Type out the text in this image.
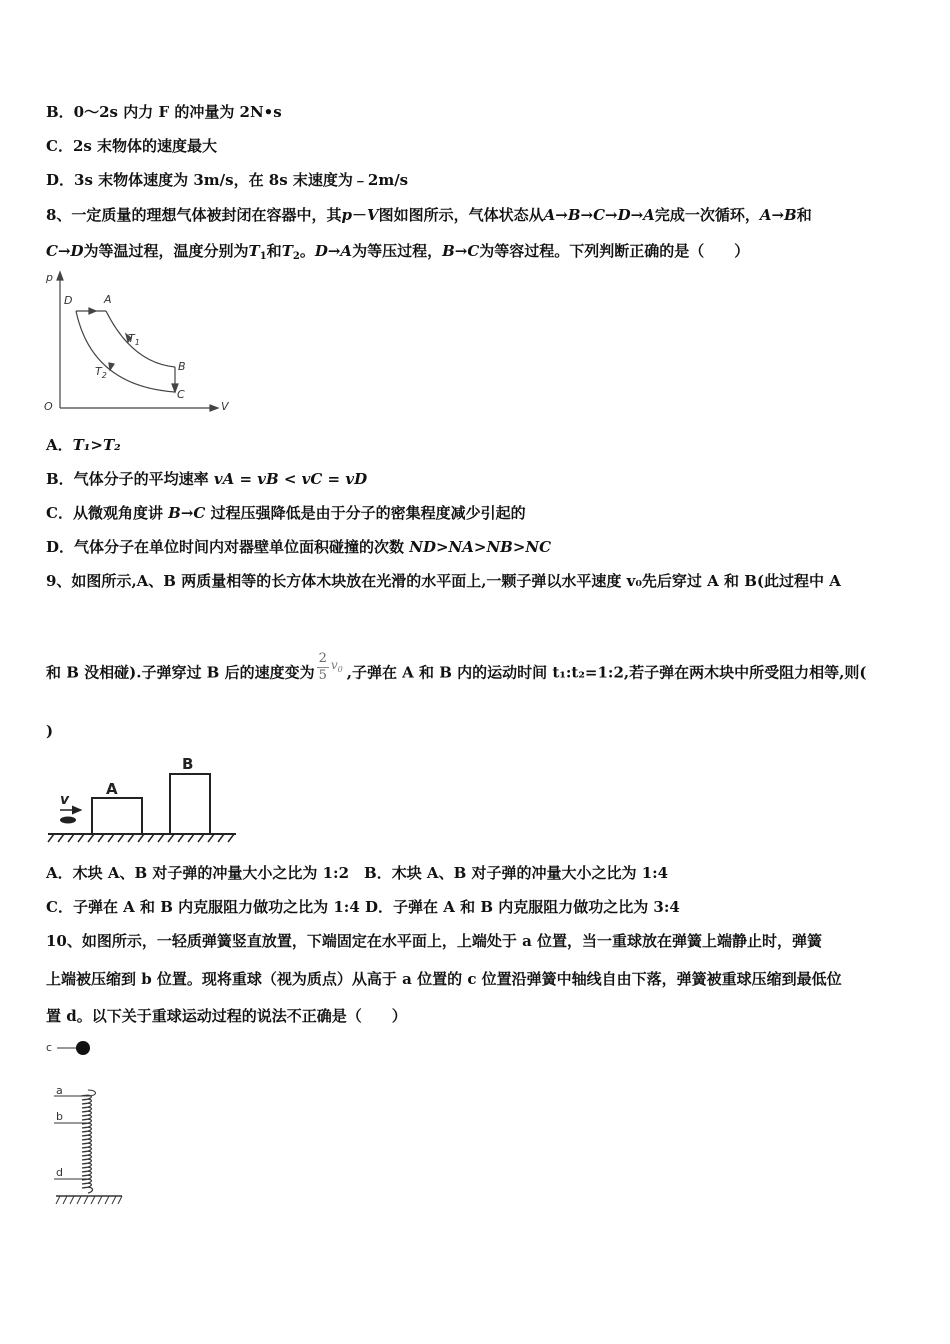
B．0～2s 内力 F 的冲量为 2N•s
C．2s 末物体的速度最大
D．3s 末物体速度为 3m/s，在 8s 末速度为﹣2m/s
8、一定质量的理想气体被封闭在容器中，其p－V图如图所示，气体状态从A→B→C→D→A完成一次循环，A→B和
C→D为等温过程，温度分别为$T_1$和$T_2$。D→A为等压过程，B→C为等容过程。下列判断正确的是（　　）
p
V
O
D	A
B
C
$T_1$
$T_2$
A．T₁>T₂
B．气体分子的平均速率 vA = vB < vC = vD
C．从微观角度讲 B→C 过程压强降低是由于分子的密集程度减少引起的
D．气体分子在单位时间内对器壁单位面积碰撞的次数 ND>NA>NB>NC
9、如图所示,A、B 两质量相等的长方体木块放在光滑的水平面上,一颗子弹以水平速度 v₀先后穿过 A 和 B(此过程中 A
和 B 没相碰).子弹穿过 B 后的速度变为 $\frac{2}{5} ^{v_0}$ ,子弹在 A 和 B 内的运动时间 t₁:t₂=1:2,若子弹在两木块中所受阻力相等,则(
)
v
A
B
A．木块 A、B 对子弹的冲量大小之比为 1:2　B．木块 A、B 对子弹的冲量大小之比为 1:4
C．子弹在 A 和 B 内克服阻力做功之比为 1:4 D．子弹在 A 和 B 内克服阻力做功之比为 3:4
10、如图所示，一轻质弹簧竖直放置，下端固定在水平面上，上端处于 a 位置，当一重球放在弹簧上端静止时，弹簧
上端被压缩到 b 位置。现将重球（视为质点）从高于 a 位置的 c 位置沿弹簧中轴线自由下落，弹簧被重球压缩到最低位
置 d。以下关于重球运动过程的说法不正确是（　　）
c
a
b
d
